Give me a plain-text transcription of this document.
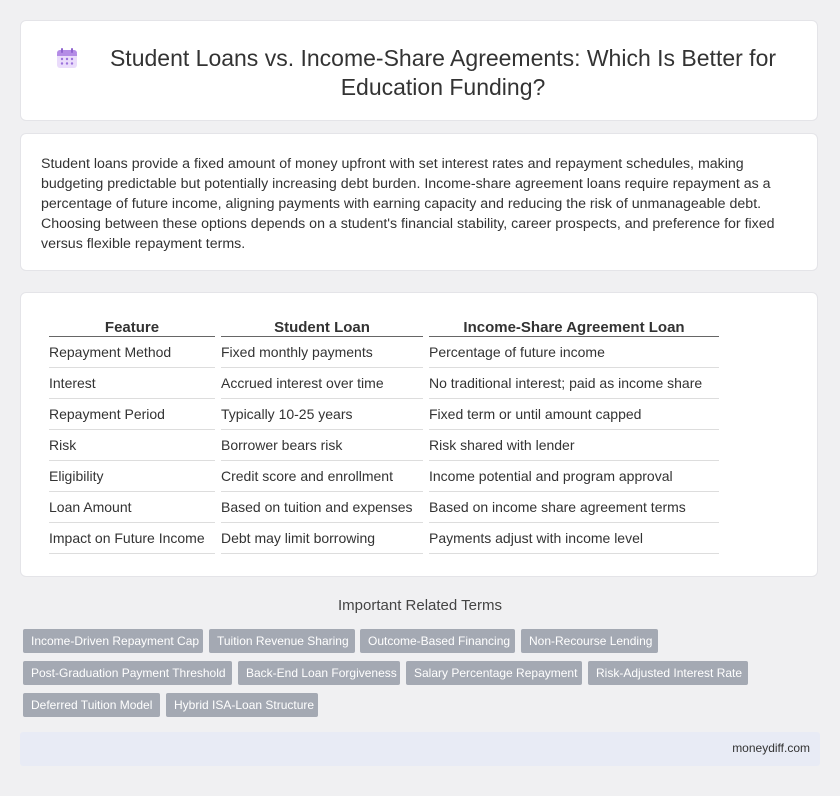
Student Loans vs. Income-Share Agreements: Which Is Better for Education Funding?
Student loans provide a fixed amount of money upfront with set interest rates and repayment schedules, making budgeting predictable but potentially increasing debt burden. Income-share agreement loans require repayment as a percentage of future income, aligning payments with earning capacity and reducing the risk of unmanageable debt. Choosing between these options depends on a student's financial stability, career prospects, and preference for fixed versus flexible repayment terms.
Feature	Student Loan	Income-Share Agreement Loan
Repayment Method	Fixed monthly payments	Percentage of future income
Interest	Accrued interest over time	No traditional interest; paid as income share
Repayment Period	Typically 10-25 years	Fixed term or until amount capped
Risk	Borrower bears risk	Risk shared with lender
Eligibility	Credit score and enrollment	Income potential and program approval
Loan Amount	Based on tuition and expenses	Based on income share agreement terms
Impact on Future Income	Debt may limit borrowing	Payments adjust with income level
Important Related Terms
Income-Driven Repayment Cap	Tuition Revenue Sharing	Outcome-Based Financing	Non-Recourse Lending
Post-Graduation Payment Threshold	Back-End Loan Forgiveness	Salary Percentage Repayment	Risk-Adjusted Interest Rate
Deferred Tuition Model	Hybrid ISA-Loan Structure
moneydiff.com
